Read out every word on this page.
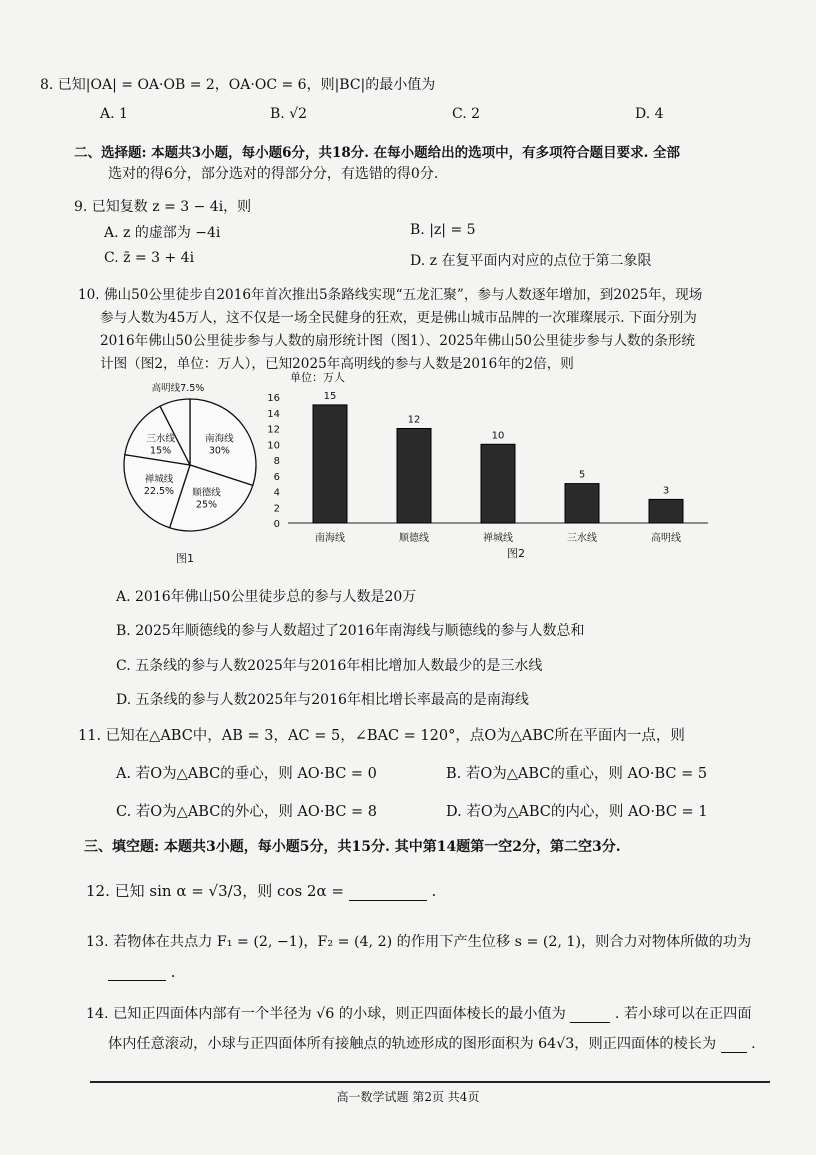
8. 已知|OA| = OA·OB = 2，OA·OC = 6，则|BC|的最小值为
A. 1	B. √2	C. 2	D. 4
二、选择题: 本题共3小题，每小题6分，共18分. 在每小题给出的选项中，有多项符合题目要求. 全部
选对的得6分，部分选对的得部分分，有选错的得0分.
9. 已知复数 z = 3 − 4i，则
A. z 的虚部为 −4i	B. |z| = 5
C. z̄ = 3 + 4i	D. z 在复平面内对应的点位于第二象限
10. 佛山50公里徒步自2016年首次推出5条路线实现“五龙汇聚”，参与人数逐年增加，到2025年，现场
参与人数为45万人，这不仅是一场全民健身的狂欢，更是佛山城市品牌的一次璀璨展示. 下面分别为
2016年佛山50公里徒步参与人数的扇形统计图（图1）、2025年佛山50公里徒步参与人数的条形统
计图（图2，单位：万人），已知2025年高明线的参与人数是2016年的2倍，则
南海线 30%
顺德线 25%
禅城线 22.5%
三水线 15%
高明线7.5%
图1
单位：万人
0
2
4
6
8
10
12
14
16	15
南海线
12
顺德线
10
禅城线
5
三水线
3
高明线
图2
A. 2016年佛山50公里徒步总的参与人数是20万
B. 2025年顺德线的参与人数超过了2016年南海线与顺德线的参与人数总和
C. 五条线的参与人数2025年与2016年相比增加人数最少的是三水线
D. 五条线的参与人数2025年与2016年相比增长率最高的是南海线
11. 已知在△ABC中，AB = 3，AC = 5，∠BAC = 120°，点O为△ABC所在平面内一点，则
A. 若O为△ABC的垂心，则 AO·BC = 0	B. 若O为△ABC的重心，则 AO·BC = 5
C. 若O为△ABC的外心，则 AO·BC = 8	D. 若O为△ABC的内心，则 AO·BC = 1
三、填空题: 本题共3小题，每小题5分，共15分. 其中第14题第一空2分，第二空3分.
12. 已知 sin α = √3/3，则 cos 2α =	.
13. 若物体在共点力 F₁ = (2, −1)，F₂ = (4, 2) 的作用下产生位移 s = (2, 1)，则合力对物体所做的功为
.
14. 已知正四面体内部有一个半径为 √6 的小球，则正四面体棱长的最小值为	. 若小球可以在正四面
体内任意滚动，小球与正四面体所有接触点的轨迹形成的图形面积为 64√3，则正四面体的棱长为 .
高一数学试题 第2页 共4页
